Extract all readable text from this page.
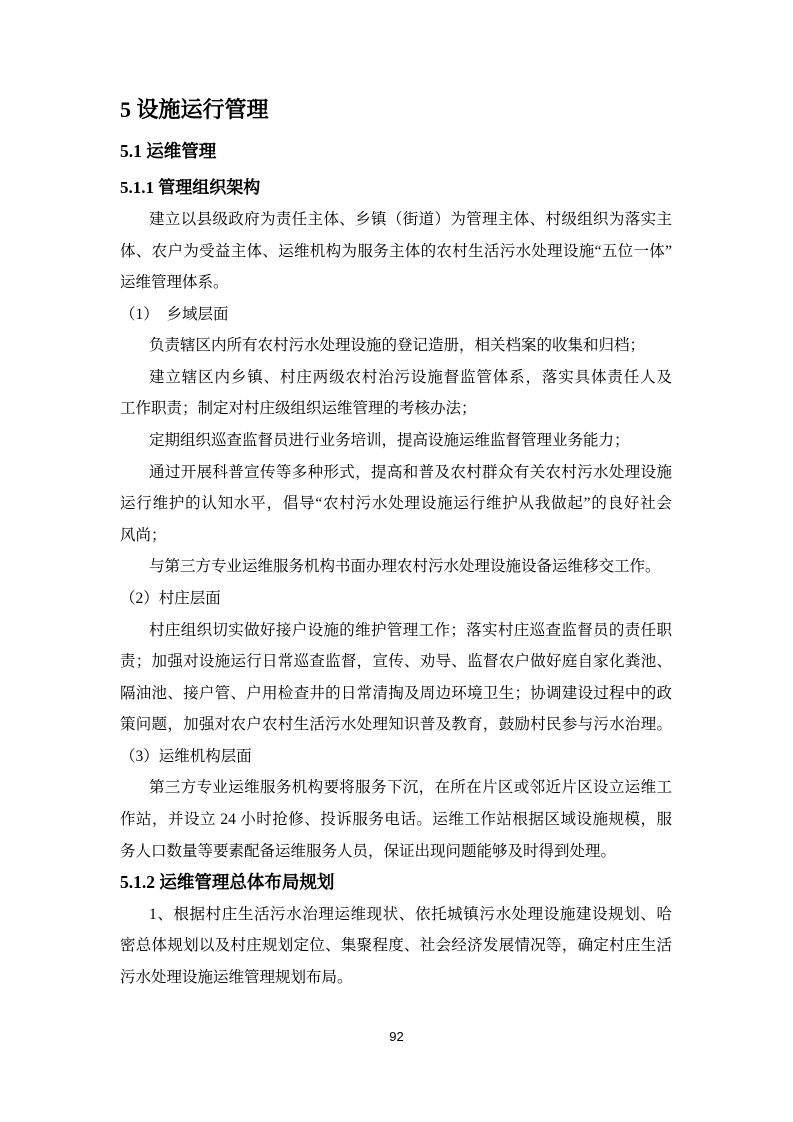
5 设施运行管理
5.1 运维管理
5.1.1 管理组织架构
建立以县级政府为责任主体、乡镇（街道）为管理主体、村级组织为落实主
体、农户为受益主体、运维机构为服务主体的农村生活污水处理设施“五位一体”
运维管理体系。
（1）  乡域层面
负责辖区内所有农村污水处理设施的登记造册，相关档案的收集和归档；
建立辖区内乡镇、村庄两级农村治污设施督监管体系，落实具体责任人及
工作职责；制定对村庄级组织运维管理的考核办法；
定期组织巡查监督员进行业务培训，提高设施运维监督管理业务能力；
通过开展科普宣传等多种形式，提高和普及农村群众有关农村污水处理设施
运行维护的认知水平，倡导“农村污水处理设施运行维护从我做起”的良好社会
风尚；
与第三方专业运维服务机构书面办理农村污水处理设施设备运维移交工作。
（2）村庄层面
村庄组织切实做好接户设施的维护管理工作；落实村庄巡查监督员的责任职
责；加强对设施运行日常巡查监督，宣传、劝导、监督农户做好庭自家化粪池、
隔油池、接户管、户用检查井的日常清掏及周边环境卫生；协调建设过程中的政
策问题，加强对农户农村生活污水处理知识普及教育，鼓励村民参与污水治理。
（3）运维机构层面
第三方专业运维服务机构要将服务下沉，在所在片区或邻近片区设立运维工
作站，并设立 24 小时抢修、投诉服务电话。运维工作站根据区域设施规模，服
务人口数量等要素配备运维服务人员，保证出现问题能够及时得到处理。
5.1.2 运维管理总体布局规划
1、根据村庄生活污水治理运维现状、依托城镇污水处理设施建设规划、哈
密总体规划以及村庄规划定位、集聚程度、社会经济发展情况等，确定村庄生活
污水处理设施运维管理规划布局。
92
